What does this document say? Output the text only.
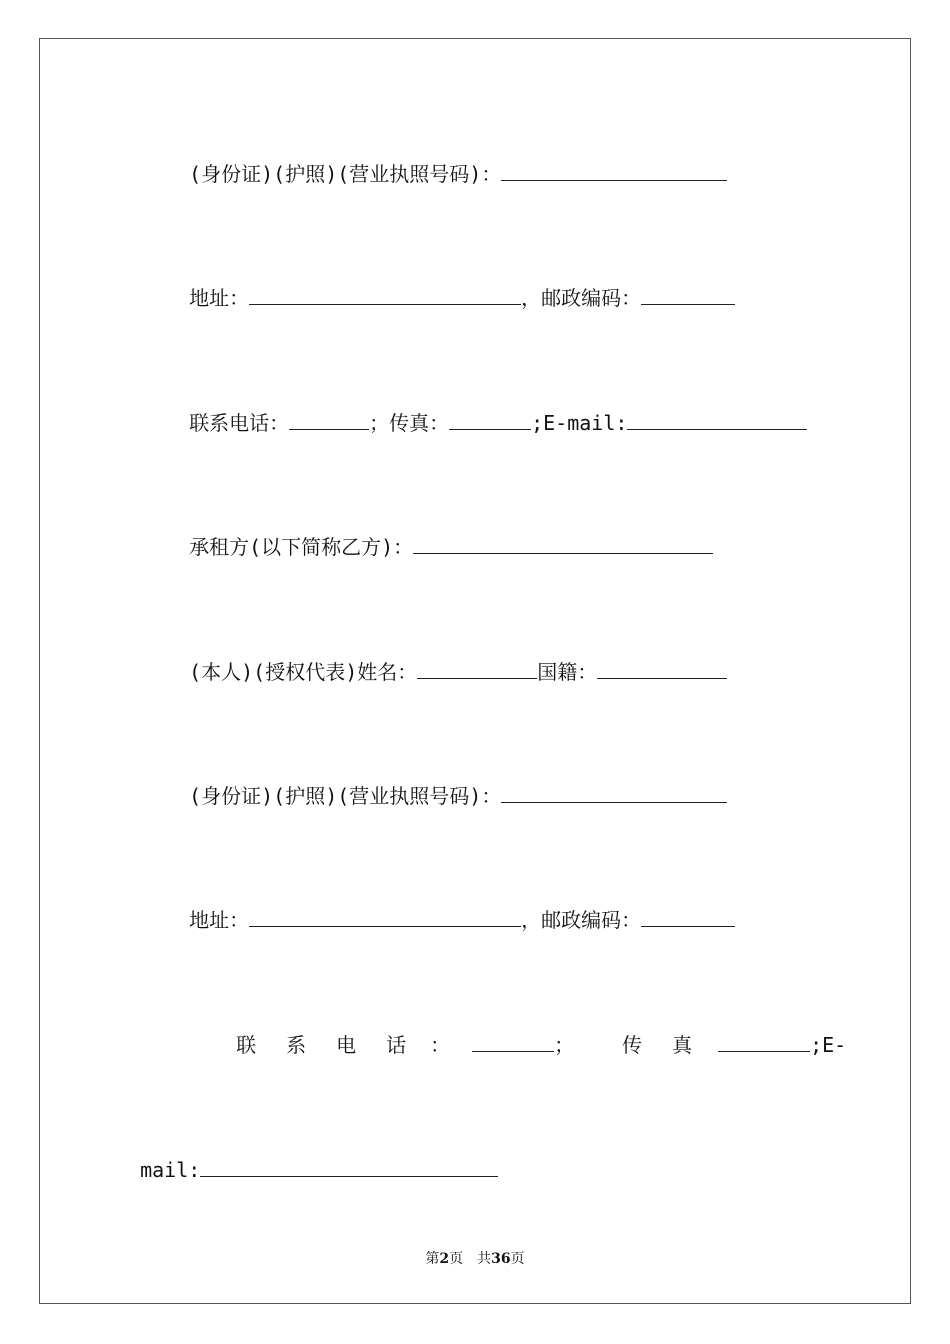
(身份证)(护照)(营业执照号码)：

地址：	，邮政编码：

联系电话：	；传真：	;E-mail:

承租方(以下简称乙方)：

(本人)(授权代表)姓名：	国籍：

(身份证)(护照)(营业执照号码)：

地址：	，邮政编码：

联 系 电 话 ：	； 传 真	;E-

mail:

第2页　共36页
